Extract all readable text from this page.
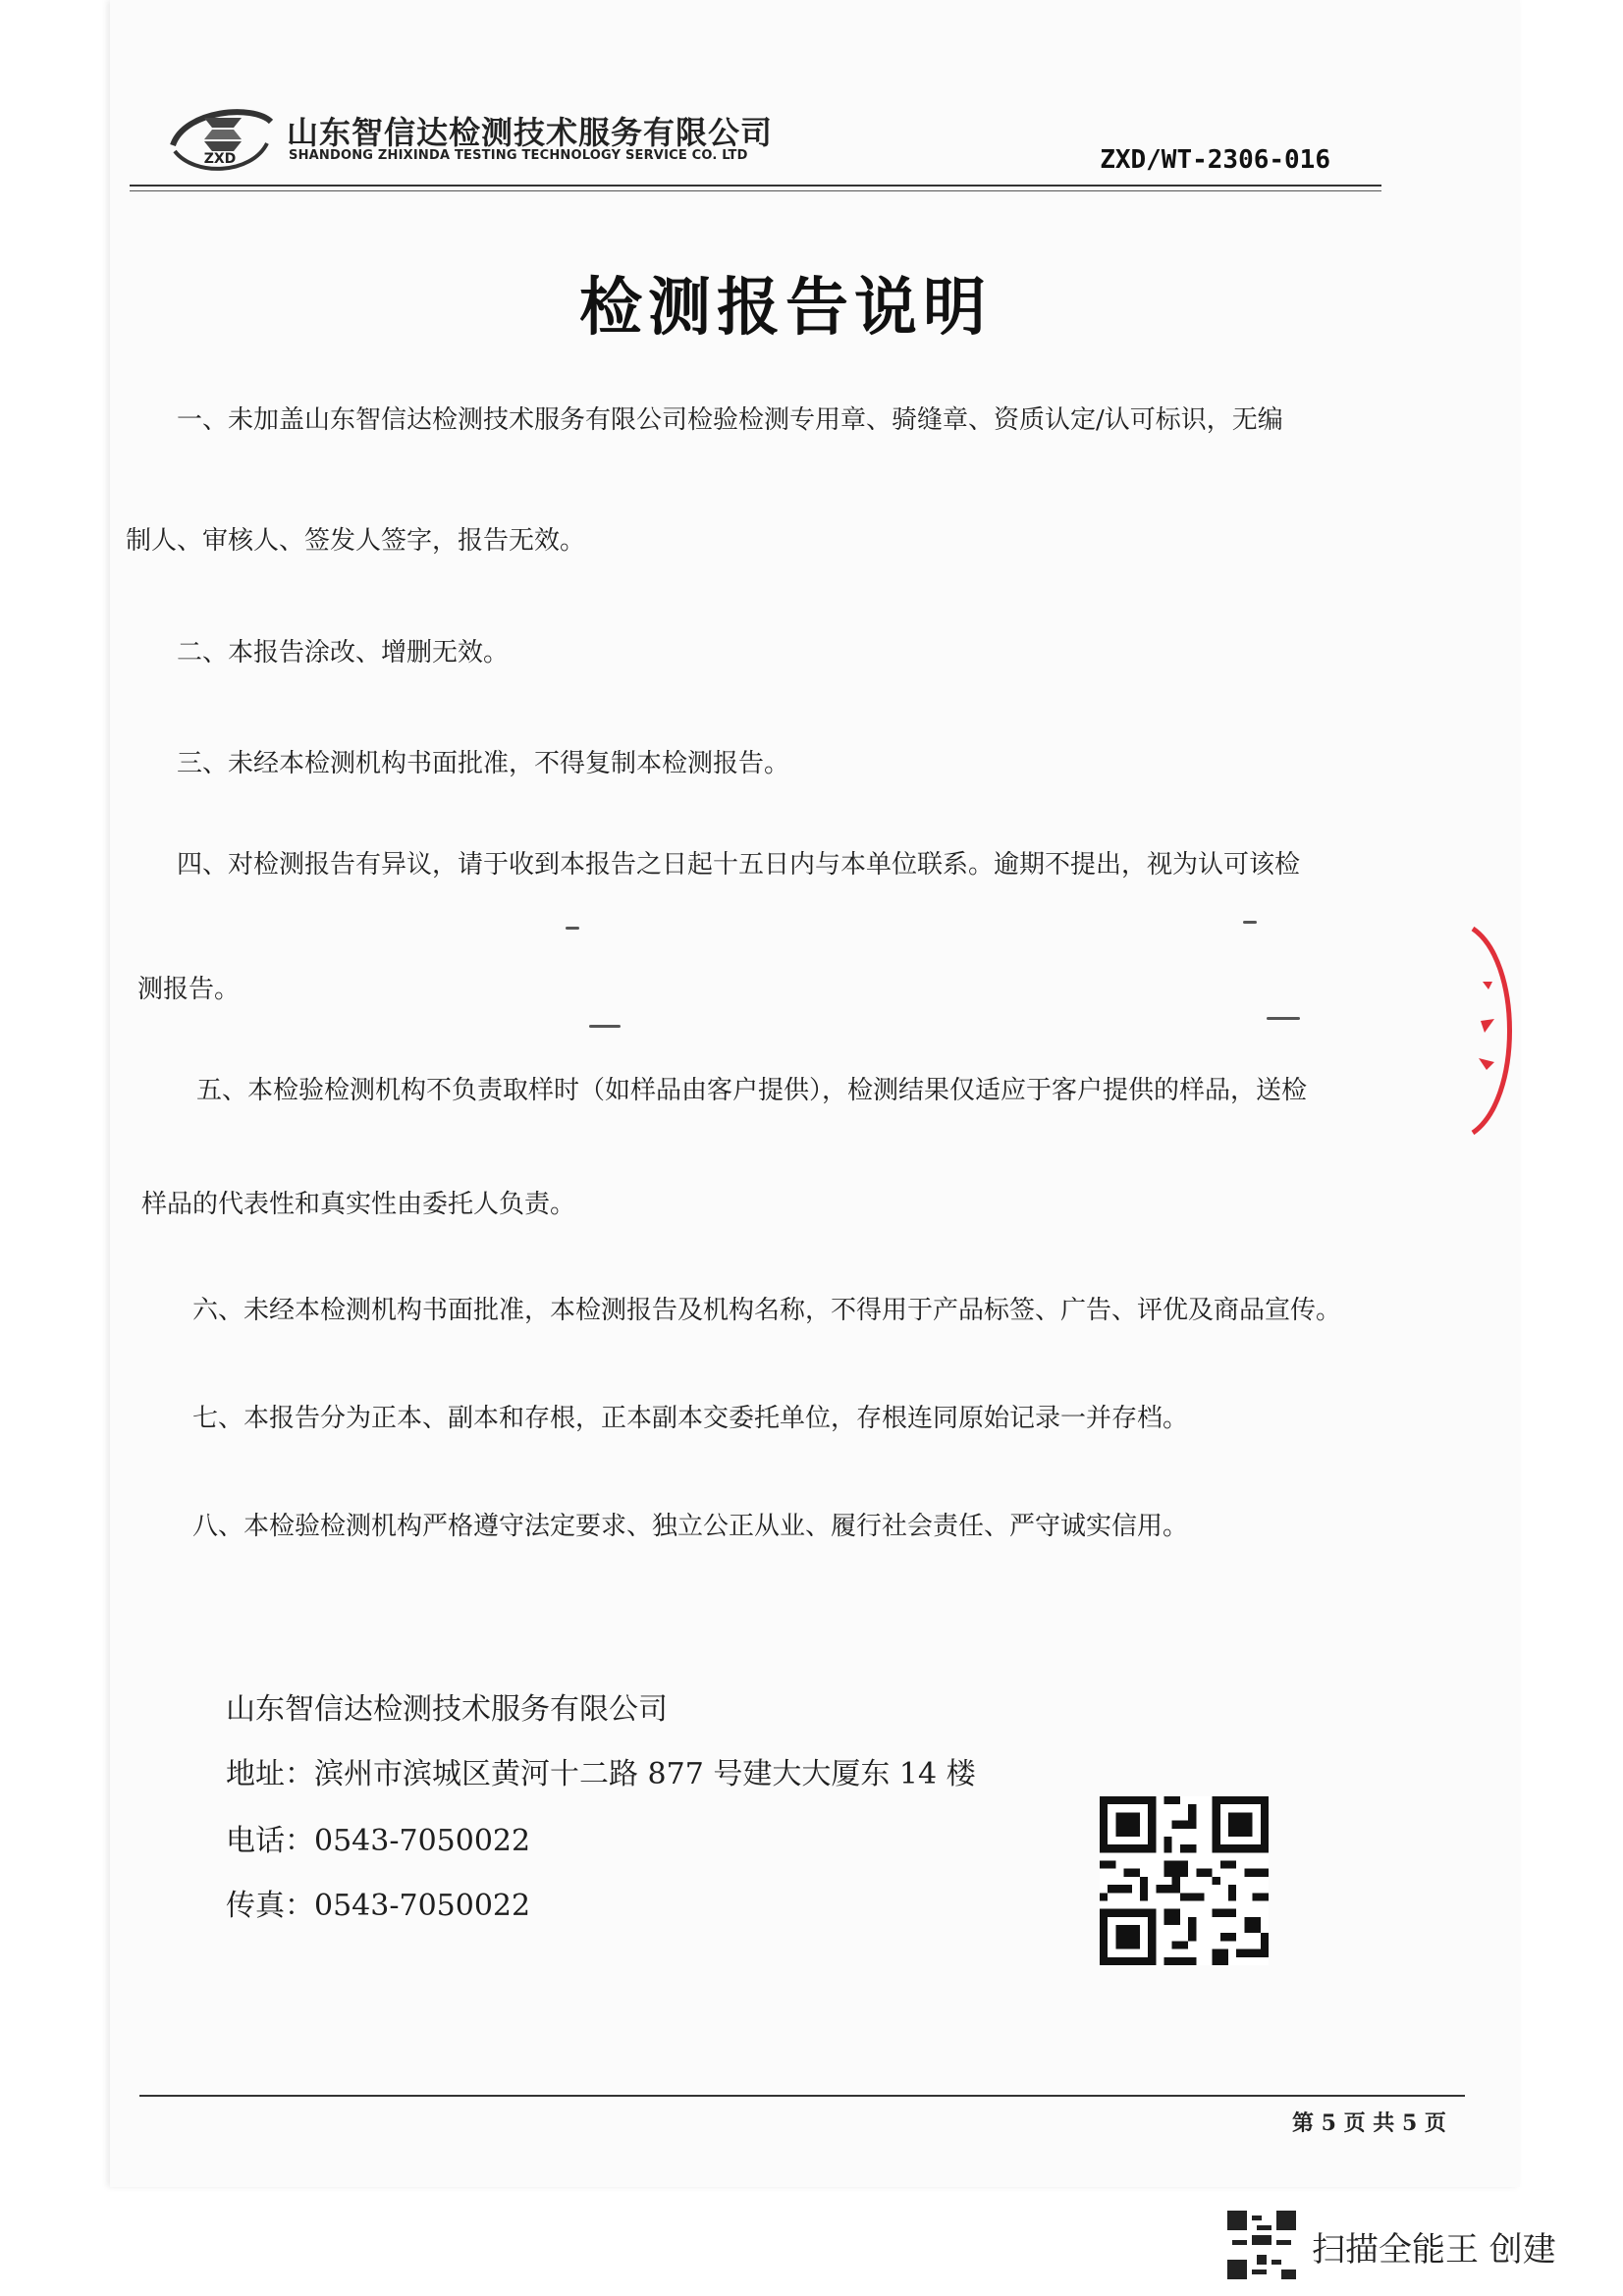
ZXD
山东智信达检测技术服务有限公司
SHANDONG ZHIXINDA TESTING TECHNOLOGY SERVICE CO. LTD	ZXD/WT-2306-016
检测报告说明
一、未加盖山东智信达检测技术服务有限公司检验检测专用章、骑缝章、资质认定/认可标识，无编
制人、审核人、签发人签字，报告无效。
二、本报告涂改、增删无效。
三、未经本检测机构书面批准，不得复制本检测报告。
四、对检测报告有异议，请于收到本报告之日起十五日内与本单位联系。逾期不提出，视为认可该检
测报告。
五、本检验检测机构不负责取样时（如样品由客户提供），检测结果仅适应于客户提供的样品，送检
样品的代表性和真实性由委托人负责。
六、未经本检测机构书面批准，本检测报告及机构名称，不得用于产品标签、广告、评优及商品宣传。
七、本报告分为正本、副本和存根，正本副本交委托单位，存根连同原始记录一并存档。
八、本检验检测机构严格遵守法定要求、独立公正从业、履行社会责任、严守诚实信用。
山东智信达检测技术服务有限公司
地址：滨州市滨城区黄河十二路 877 号建大大厦东 14 楼
电话：0543-7050022
传真：0543-7050022
第 5 页 共 5 页
扫描全能王 创建
